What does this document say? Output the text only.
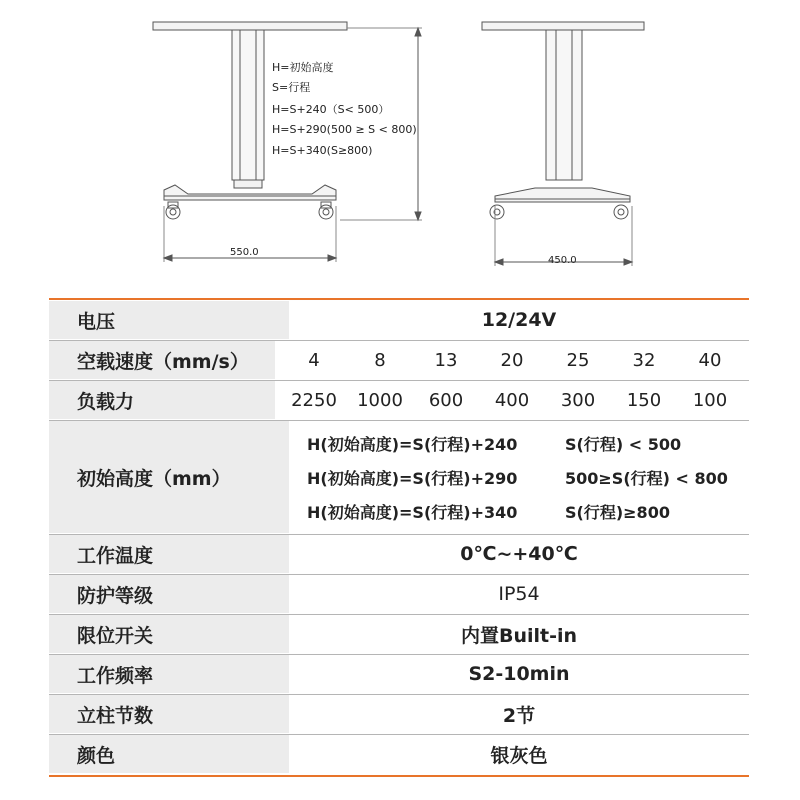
H=初始高度
S=行程
H=S+240（S< 500）
H=S+290(500 ≥ S < 800)
H=S+340(S≥800)
550.0
450.0
电压	12/24V
空载速度（mm/s）	4	8	13	20	25	32	40
负载力	2250	1000	600	400	300	150	100
初始高度（mm）
H(初始高度)=S(行程)+240	S(行程) < 500
H(初始高度)=S(行程)+290	500≥S(行程) < 800
H(初始高度)=S(行程)+340	S(行程)≥800
工作温度	0℃~+40℃
防护等级	IP54
限位开关	内置Built-in
工作频率	S2-10min
立柱节数	2节
颜色	银灰色
